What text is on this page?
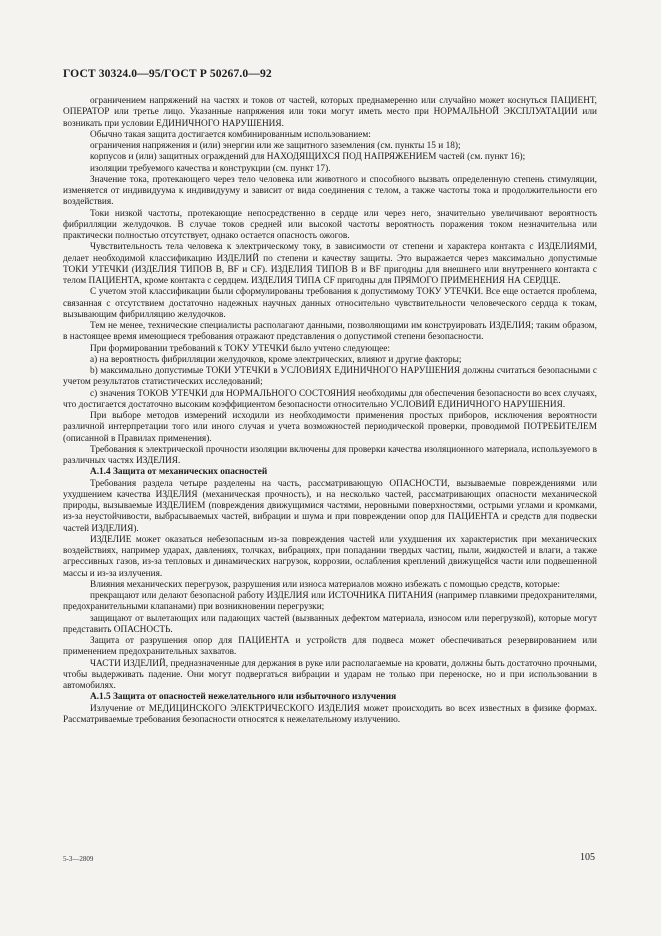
ГОСТ 30324.0—95/ГОСТ Р 50267.0—92

ограничением напряжений на частях и токов от частей, которых преднамеренно или случайно может коснуться ПАЦИЕНТ, ОПЕРАТОР или третье лицо. Указанные напряжения или токи могут иметь место при НОРМАЛЬНОЙ ЭКСПЛУАТАЦИИ или возникать при условии ЕДИНИЧНОГО НАРУШЕНИЯ.

Обычно такая защита достигается комбинированным использованием:

ограничения напряжения и (или) энергии или же защитного заземления (см. пункты 15 и 18);

корпусов и (или) защитных ограждений для НАХОДЯЩИХСЯ ПОД НАПРЯЖЕНИЕМ частей (см. пункт 16);

изоляции требуемого качества и конструкции (см. пункт 17).

Значение тока, протекающего через тело человека или животного и способного вызвать определенную степень стимуляции, изменяется от индивидуума к индивидууму и зависит от вида соединения с телом, а также частоты тока и продолжительности его воздействия.

Токи низкой частоты, протекающие непосредственно в сердце или через него, значительно увеличивают вероятность фибрилляции желудочков. В случае токов средней или высокой частоты вероятность поражения током незначительна или практически полностью отсутствует, однако остается опасность ожогов.

Чувствительность тела человека к электрическому току, в зависимости от степени и характера контакта с ИЗДЕЛИЯМИ, делает необходимой классификацию ИЗДЕЛИЙ по степени и качеству защиты. Это выражается через максимально допустимые ТОКИ УТЕЧКИ (ИЗДЕЛИЯ ТИПОВ В, BF и CF). ИЗДЕЛИЯ ТИПОВ В и BF пригодны для внешнего или внутреннего контакта с телом ПАЦИЕНТА, кроме контакта с сердцем. ИЗДЕЛИЯ ТИПА CF пригодны для ПРЯМОГО ПРИМЕНЕНИЯ НА СЕРДЦЕ.

С учетом этой классификации были сформулированы требования к допустимому ТОКУ УТЕЧКИ. Все еще остается проблема, связанная с отсутствием достаточно надежных научных данных относительно чувствительности человеческого сердца к токам, вызывающим фибрилляцию желудочков.

Тем не менее, технические специалисты располагают данными, позволяющими им конструировать ИЗДЕЛИЯ; таким образом, в настоящее время имеющиеся требования отражают представления о допустимой степени безопасности.

При формировании требований к ТОКУ УТЕЧКИ было учтено следующее:

а) на вероятность фибрилляции желудочков, кроме электрических, влияют и другие факторы;

b) максимально допустимые ТОКИ УТЕЧКИ в УСЛОВИЯХ ЕДИНИЧНОГО НАРУШЕНИЯ должны считаться безопасными с учетом результатов статистических исследований;

с) значения ТОКОВ УТЕЧКИ для НОРМАЛЬНОГО СОСТОЯНИЯ необходимы для обеспечения безопасности во всех случаях, что достигается достаточно высоким коэффициентом безопасности относительно УСЛОВИЙ ЕДИНИЧНОГО НАРУШЕНИЯ.

При выборе методов измерений исходили из необходимости применения простых приборов, исключения вероятности различной интерпретации того или иного случая и учета возможностей периодической проверки, проводимой ПОТРЕБИТЕЛЕМ (описанной в Правилах применения).

Требования к электрической прочности изоляции включены для проверки качества изоляционного материала, используемого в различных частях ИЗДЕЛИЯ.

А.1.4 Защита от механических опасностей

Требования раздела четыре разделены на часть, рассматривающую ОПАСНОСТИ, вызываемые повреждениями или ухудшением качества ИЗДЕЛИЯ (механическая прочность), и на несколько частей, рассматривающих опасности механической природы, вызываемые ИЗДЕЛИЕМ (повреждения движущимися частями, неровными поверхностями, острыми углами и кромками, из-за неустойчивости, выбрасываемых частей, вибрации и шума и при повреждении опор для ПАЦИЕНТА и средств для подвески частей ИЗДЕЛИЯ).

ИЗДЕЛИЕ может оказаться небезопасным из-за повреждения частей или ухудшения их характеристик при механических воздействиях, например ударах, давлениях, толчках, вибрациях, при попадании твердых частиц, пыли, жидкостей и влаги, а также агрессивных газов, из-за тепловых и динамических нагрузок, коррозии, ослабления креплений движущейся части или подвешенной массы и из-за излучения.

Влияния механических перегрузок, разрушения или износа материалов можно избежать с помощью средств, которые:

прекращают или делают безопасной работу ИЗДЕЛИЯ или ИСТОЧНИКА ПИТАНИЯ (например плавкими предохранителями, предохранительными клапанами) при возникновении перегрузки;

защищают от вылетающих или падающих частей (вызванных дефектом материала, износом или перегрузкой), которые могут представить ОПАСНОСТЬ.

Защита от разрушения опор для ПАЦИЕНТА и устройств для подвеса может обеспечиваться резервированием или применением предохранительных захватов.

ЧАСТИ ИЗДЕЛИЙ, предназначенные для держания в руке или располагаемые на кровати, должны быть достаточно прочными, чтобы выдерживать падение. Они могут подвергаться вибрации и ударам не только при переноске, но и при использовании в автомобилях.

А.1.5 Защита от опасностей нежелательного или избыточного излучения

Излучение от МЕДИЦИНСКОГО ЭЛЕКТРИЧЕСКОГО ИЗДЕЛИЯ может происходить во всех известных в физике формах. Рассматриваемые требования безопасности относятся к нежелательному излучению.

5-3—2809	105
